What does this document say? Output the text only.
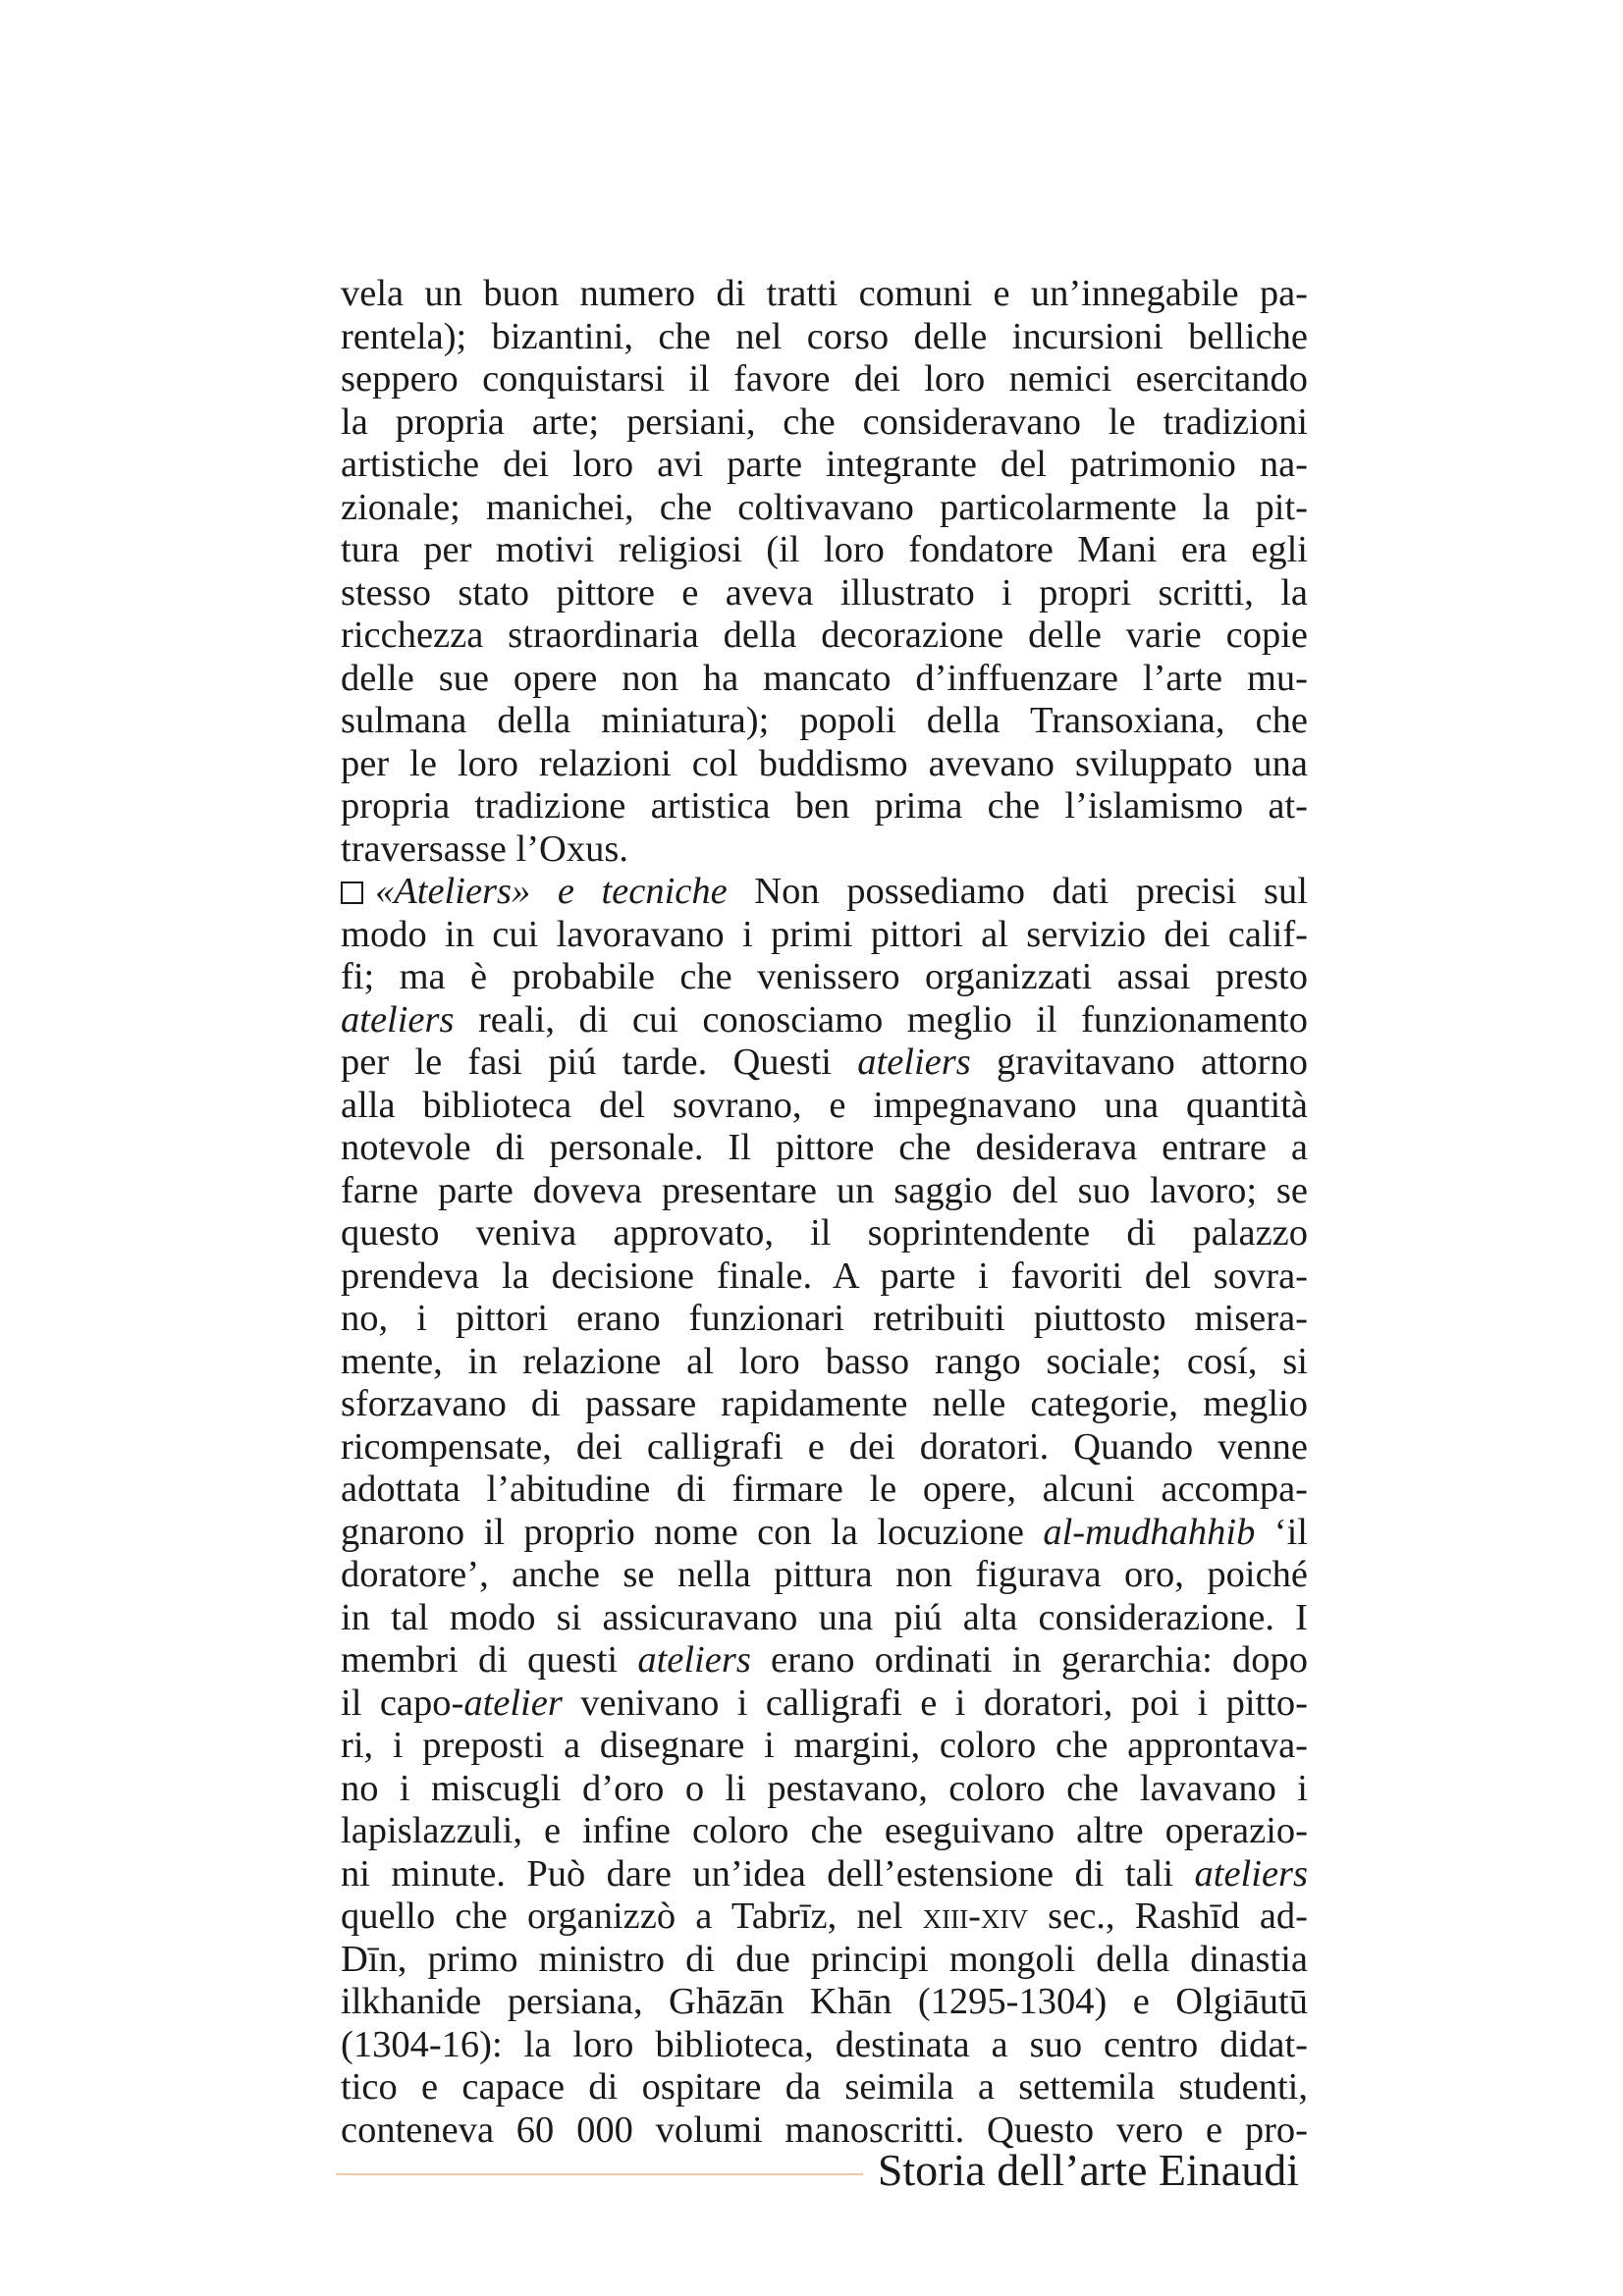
vela un buon numero di tratti comuni e un’innegabile pa-
rentela); bizantini, che nel corso delle incursioni belliche
seppero conquistarsi il favore dei loro nemici esercitando
la propria arte; persiani, che consideravano le tradizioni
artistiche dei loro avi parte integrante del patrimonio na-
zionale; manichei, che coltivavano particolarmente la pit-
tura per motivi religiosi (il loro fondatore Mani era egli
stesso stato pittore e aveva illustrato i propri scritti, la
ricchezza straordinaria della decorazione delle varie copie
delle sue opere non ha mancato d’inffuenzare l’arte mu-
sulmana della miniatura); popoli della Transoxiana, che
per le loro relazioni col buddismo avevano sviluppato una
propria tradizione artistica ben prima che l’islamismo at-
traversasse l’Oxus.
«Ateliers» e tecniche Non possediamo dati precisi sul
modo in cui lavoravano i primi pittori al servizio dei calif-
fi; ma è probabile che venissero organizzati assai presto
ateliers reali, di cui conosciamo meglio il funzionamento
per le fasi piú tarde. Questi ateliers gravitavano attorno
alla biblioteca del sovrano, e impegnavano una quantità
notevole di personale. Il pittore che desiderava entrare a
farne parte doveva presentare un saggio del suo lavoro; se
questo veniva approvato, il soprintendente di palazzo
prendeva la decisione finale. A parte i favoriti del sovra-
no, i pittori erano funzionari retribuiti piuttosto misera-
mente, in relazione al loro basso rango sociale; cosí, si
sforzavano di passare rapidamente nelle categorie, meglio
ricompensate, dei calligrafi e dei doratori. Quando venne
adottata l’abitudine di firmare le opere, alcuni accompa-
gnarono il proprio nome con la locuzione al-mudhahhib ‘il
doratore’, anche se nella pittura non figurava oro, poiché
in tal modo si assicuravano una piú alta considerazione. I
membri di questi ateliers erano ordinati in gerarchia: dopo
il capo-atelier venivano i calligrafi e i doratori, poi i pitto-
ri, i preposti a disegnare i margini, coloro che approntava-
no i miscugli d’oro o li pestavano, coloro che lavavano i
lapislazzuli, e infine coloro che eseguivano altre operazio-
ni minute. Può dare un’idea dell’estensione di tali ateliers
quello che organizzò a Tabrīz, nel xiii-xiv sec., Rashīd ad-
Dīn, primo ministro di due principi mongoli della dinastia
ilkhanide persiana, Ghāzān Khān (1295-1304) e Olgiāutū
(1304-16): la loro biblioteca, destinata a suo centro didat-
tico e capace di ospitare da seimila a settemila studenti,
conteneva 60 000 volumi manoscritti. Questo vero e pro-
Storia dell’arte Einaudi
